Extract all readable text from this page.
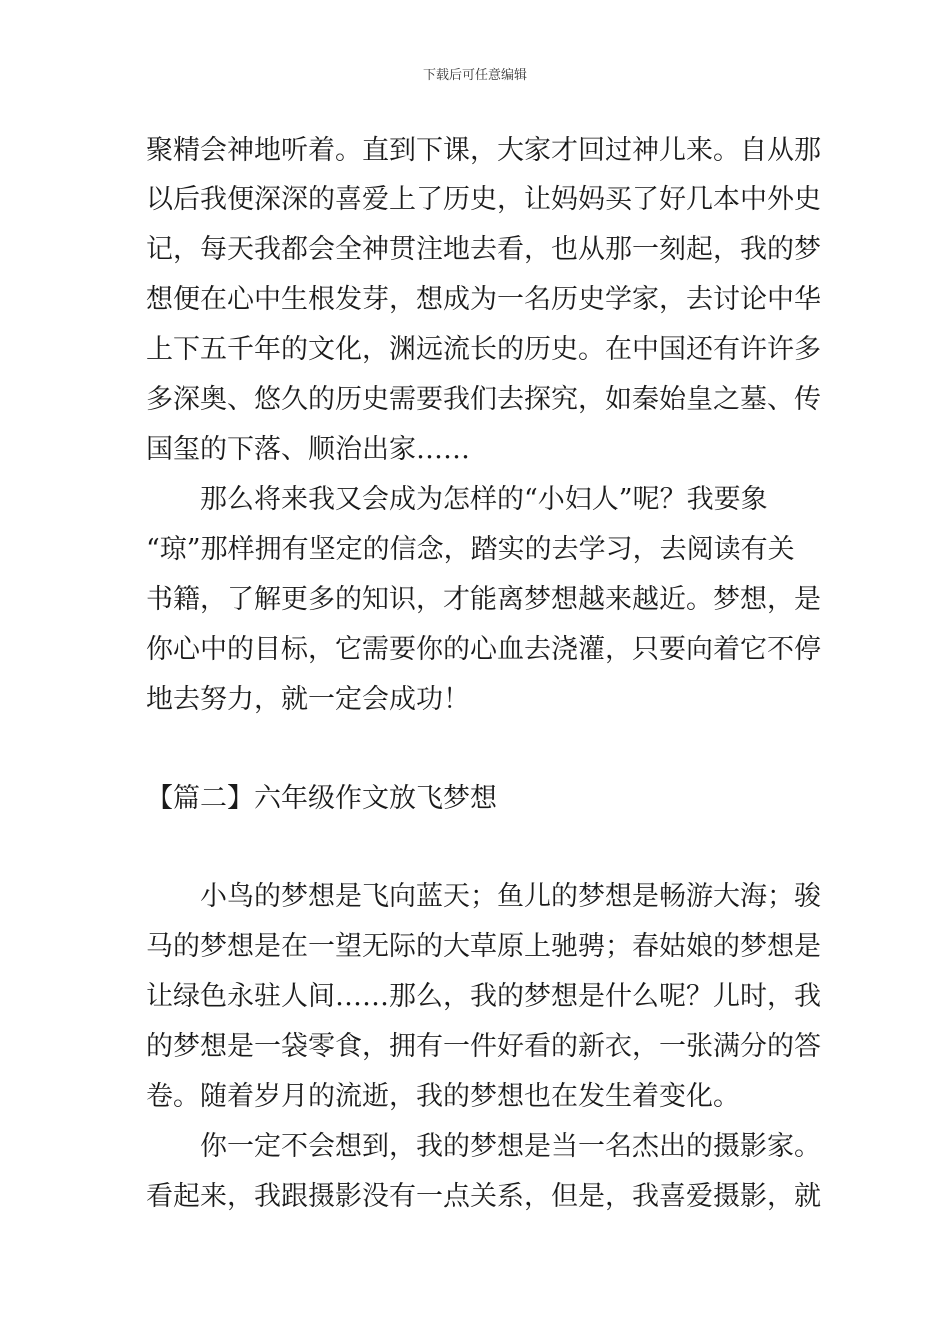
下载后可任意编辑
聚精会神地听着。直到下课，大家才回过神儿来。自从那
以后我便深深的喜爱上了历史，让妈妈买了好几本中外史
记，每天我都会全神贯注地去看，也从那一刻起，我的梦
想便在心中生根发芽，想成为一名历史学家，去讨论中华
上下五千年的文化，渊远流长的历史。在中国还有许许多
多深奥、悠久的历史需要我们去探究，如秦始皇之墓、传
国玺的下落、顺治出家……
那么将来我又会成为怎样的“小妇人”呢？我要象
“琼”那样拥有坚定的信念，踏实的去学习，去阅读有关
书籍，了解更多的知识，才能离梦想越来越近。梦想，是
你心中的目标，它需要你的心血去浇灌，只要向着它不停
地去努力，就一定会成功！
【篇二】六年级作文放飞梦想
小鸟的梦想是飞向蓝天；鱼儿的梦想是畅游大海；骏
马的梦想是在一望无际的大草原上驰骋；春姑娘的梦想是
让绿色永驻人间……那么，我的梦想是什么呢？儿时，我
的梦想是一袋零食，拥有一件好看的新衣，一张满分的答
卷。随着岁月的流逝，我的梦想也在发生着变化。
你一定不会想到，我的梦想是当一名杰出的摄影家。
看起来，我跟摄影没有一点关系，但是，我喜爱摄影，就
